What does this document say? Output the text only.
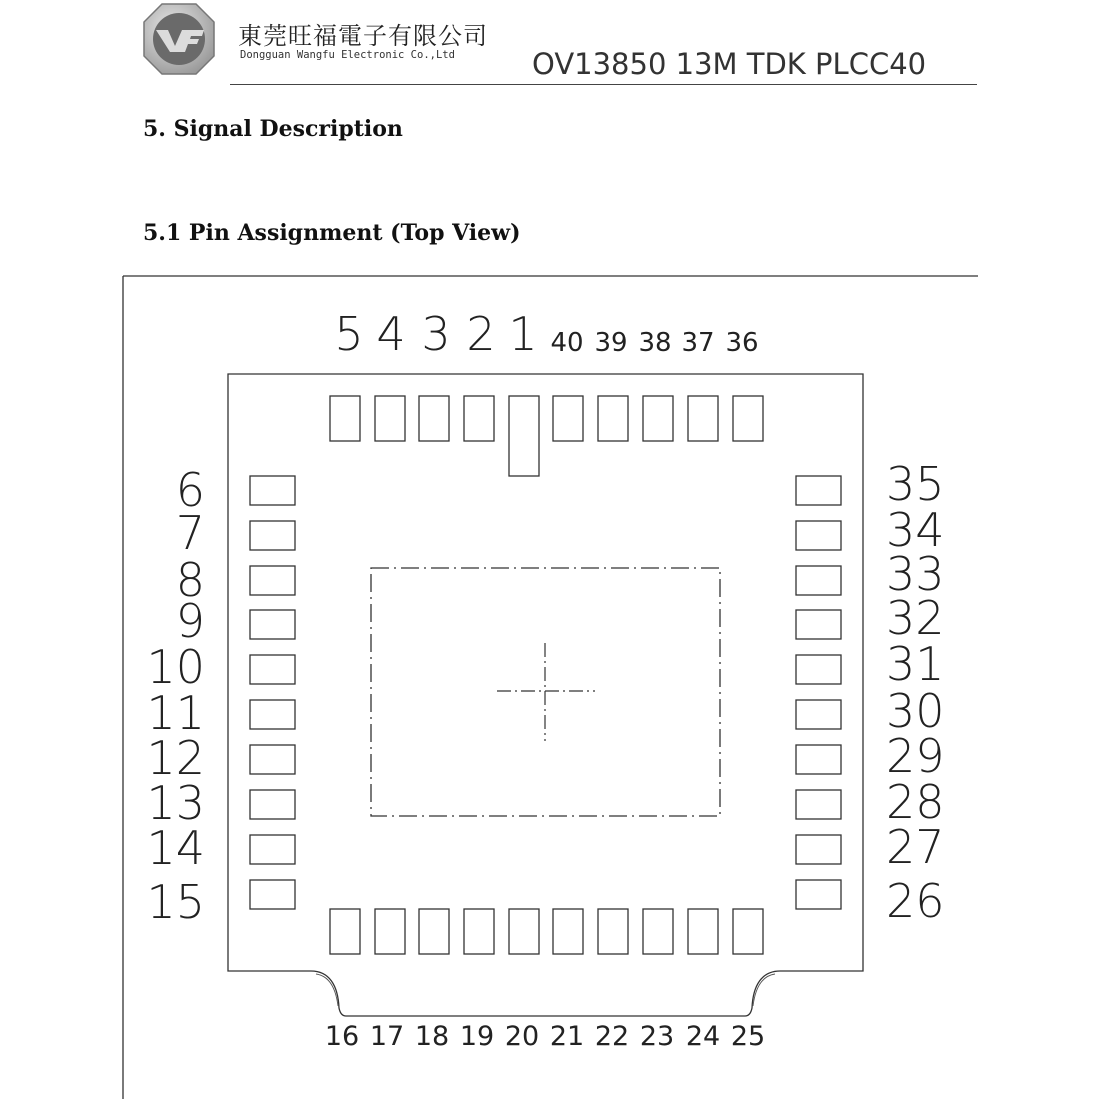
東莞旺福電子有限公司
Dongguan Wangfu Electronic Co.,Ltd	OV13850 13M TDK PLCC40
5. Signal Description
5.1 Pin Assignment (Top View)
5 4 3 2 1 40 39 38 37 36
16 17 18 19 20 21 22 23 24 25
6
7
8
9
10
11
12
13
14
15
35
34
33
32
31
30
29
28
27
26
